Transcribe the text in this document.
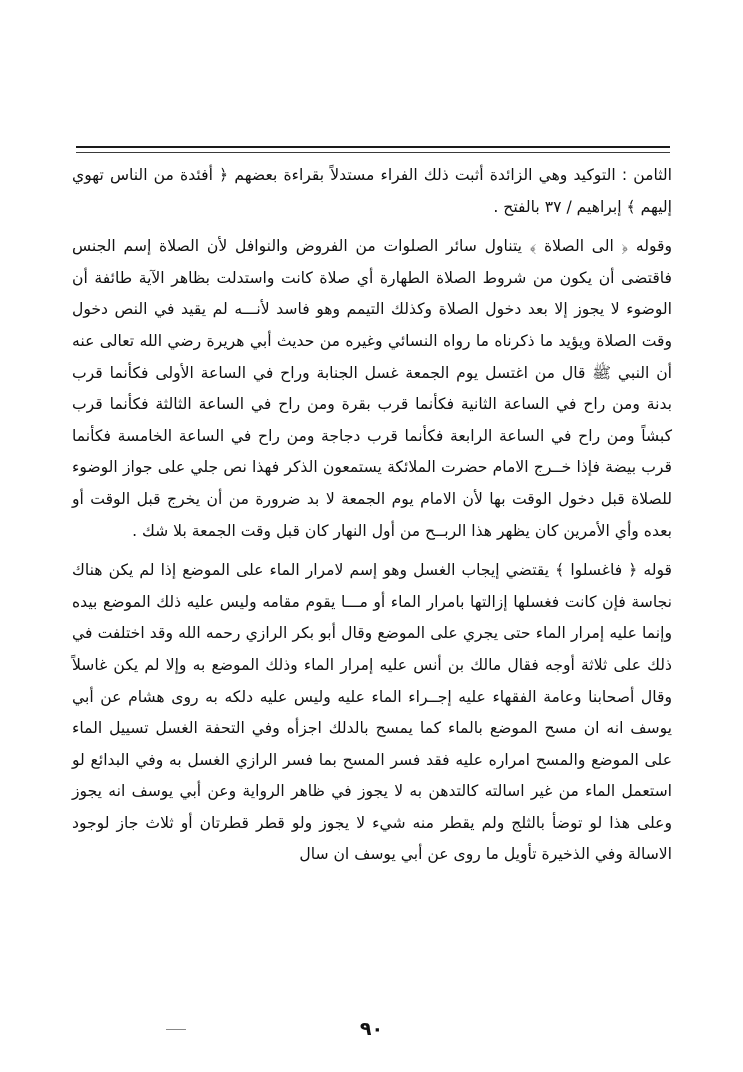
الثامن : التوكيد وهي الزائدة أثبت ذلك الفراء مستدلاً بقراءة بعضهم ﴿ أفئدة من الناس تهوي إليهم ﴾ إبراهيم / ٣٧ بالفتح .

وقوله ﴿ الى الصلاة ﴾ يتناول سائر الصلوات من الفروض والنوافل لأن الصلاة إسم الجنس فاقتضى أن يكون من شروط الصلاة الطهارة أي صلاة كانت واستدلت بظاهر الآية طائفة أن الوضوء لا يجوز إلا بعد دخول الصلاة وكذلك التيمم وهو فاسد لأنـــه لم يقيد في النص دخول وقت الصلاة ويؤيد ما ذكرناه ما رواه النسائي وغيره من حديث أبي هريرة رضي الله تعالى عنه أن النبي ﷺ قال من اغتسل يوم الجمعة غسل الجنابة وراح في الساعة الأولى فكأنما قرب بدنة ومن راح في الساعة الثانية فكأنما قرب بقرة ومن راح في الساعة الثالثة فكأنما قرب كبشاً ومن راح في الساعة الرابعة فكأنما قرب دجاجة ومن راح في الساعة الخامسة فكأنما قرب بيضة فإذا خــرج الامام حضرت الملائكة يستمعون الذكر فهذا نص جلي على جواز الوضوء للصلاة قبل دخول الوقت بها لأن الامام يوم الجمعة لا بد ضرورة من أن يخرج قبل الوقت أو بعده وأي الأمرين كان يظهر هذا الربــح من أول النهار كان قبل وقت الجمعة بلا شك .

قوله ﴿ فاغسلوا ﴾ يقتضي إيجاب الغسل وهو إسم لامرار الماء على الموضع إذا لم يكن هناك نجاسة فإن كانت فغسلها إزالتها بامرار الماء أو مـــا يقوم مقامه وليس عليه ذلك الموضع بيده وإنما عليه إمرار الماء حتى يجري على الموضع وقال أبو بكر الرازي رحمه الله وقد اختلفت في ذلك على ثلاثة أوجه فقال مالك بن أنس عليه إمرار الماء وذلك الموضع به وإلا لم يكن غاسلاً وقال أصحابنا وعامة الفقهاء عليه إجــراء الماء عليه وليس عليه دلكه به روى هشام عن أبي يوسف انه ان مسح الموضع بالماء كما يمسح بالدلك اجزأه وفي التحفة الغسل تسييل الماء على الموضع والمسح امراره عليه فقد فسر المسح بما فسر الرازي الغسل به وفي البدائع لو استعمل الماء من غير اسالته كالتدهن به لا يجوز في ظاهر الرواية وعن أبي يوسف انه يجوز وعلى هذا لو توضأ بالثلج ولم يقطر منه شيء لا يجوز ولو قطر قطرتان أو ثلاث جاز لوجود الاسالة وفي الذخيرة تأويل ما روى عن أبي يوسف ان سال

٩٠
